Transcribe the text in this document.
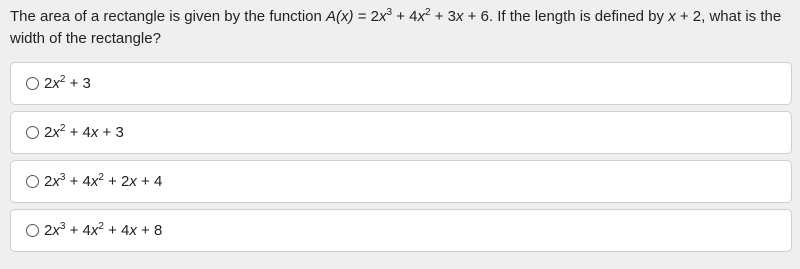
The area of a rectangle is given by the function $A(x) = 2x^3 + 4x^2 + 3x + 6$. If the length is defined by x + 2, what is the width of the rectangle?
$2x^2 + 3$
$2x^2 + 4x + 3$
$2x^3 + 4x^2 + 2x + 4$
$2x^3 + 4x^2 + 4x + 8$
